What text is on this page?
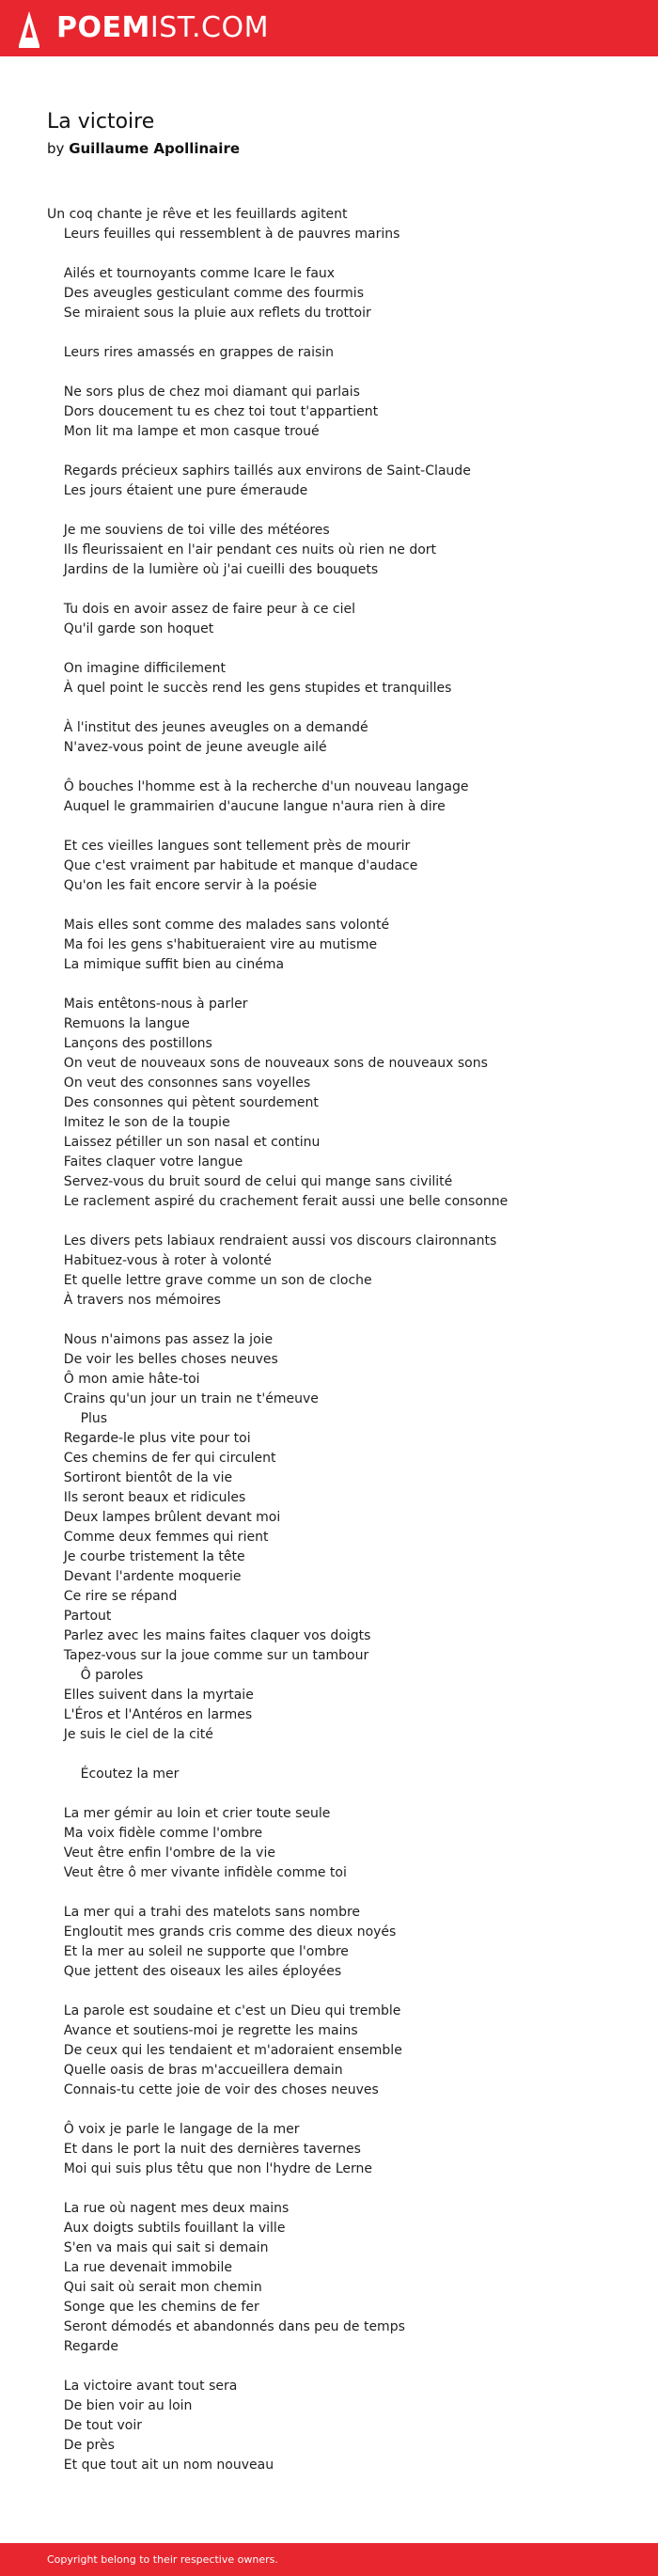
POEMIST.COM
La victoire
by Guillaume Apollinaire
Un coq chante je rêve et les feuillards agitent
Leurs feuilles qui ressemblent à de pauvres marins
Ailés et tournoyants comme Icare le faux
Des aveugles gesticulant comme des fourmis
Se miraient sous la pluie aux reflets du trottoir
Leurs rires amassés en grappes de raisin
Ne sors plus de chez moi diamant qui parlais
Dors doucement tu es chez toi tout t'appartient
Mon lit ma lampe et mon casque troué
Regards précieux saphirs taillés aux environs de Saint-Claude
Les jours étaient une pure émeraude
Je me souviens de toi ville des météores
Ils fleurissaient en l'air pendant ces nuits où rien ne dort
Jardins de la lumière où j'ai cueilli des bouquets
Tu dois en avoir assez de faire peur à ce ciel
Qu'il garde son hoquet
On imagine difficilement
À quel point le succès rend les gens stupides et tranquilles
À l'institut des jeunes aveugles on a demandé
N'avez-vous point de jeune aveugle ailé
Ô bouches l'homme est à la recherche d'un nouveau langage
Auquel le grammairien d'aucune langue n'aura rien à dire
Et ces vieilles langues sont tellement près de mourir
Que c'est vraiment par habitude et manque d'audace
Qu'on les fait encore servir à la poésie
Mais elles sont comme des malades sans volonté
Ma foi les gens s'habitueraient vire au mutisme
La mimique suffit bien au cinéma
Mais entêtons-nous à parler
Remuons la langue
Lançons des postillons
On veut de nouveaux sons de nouveaux sons de nouveaux sons
On veut des consonnes sans voyelles
Des consonnes qui pètent sourdement
Imitez le son de la toupie
Laissez pétiller un son nasal et continu
Faites claquer votre langue
Servez-vous du bruit sourd de celui qui mange sans civilité
Le raclement aspiré du crachement ferait aussi une belle consonne
Les divers pets labiaux rendraient aussi vos discours claironnants
Habituez-vous à roter à volonté
Et quelle lettre grave comme un son de cloche
À travers nos mémoires
Nous n'aimons pas assez la joie
De voir les belles choses neuves
Ô mon amie hâte-toi
Crains qu'un jour un train ne t'émeuve
Plus
Regarde-le plus vite pour toi
Ces chemins de fer qui circulent
Sortiront bientôt de la vie
Ils seront beaux et ridicules
Deux lampes brûlent devant moi
Comme deux femmes qui rient
Je courbe tristement la tête
Devant l'ardente moquerie
Ce rire se répand
Partout
Parlez avec les mains faites claquer vos doigts
Tapez-vous sur la joue comme sur un tambour
Ô paroles
Elles suivent dans la myrtaie
L'Éros et l'Antéros en larmes
Je suis le ciel de la cité
Écoutez la mer
La mer gémir au loin et crier toute seule
Ma voix fidèle comme l'ombre
Veut être enfin l'ombre de la vie
Veut être ô mer vivante infidèle comme toi
La mer qui a trahi des matelots sans nombre
Engloutit mes grands cris comme des dieux noyés
Et la mer au soleil ne supporte que l'ombre
Que jettent des oiseaux les ailes éployées
La parole est soudaine et c'est un Dieu qui tremble
Avance et soutiens-moi je regrette les mains
De ceux qui les tendaient et m'adoraient ensemble
Quelle oasis de bras m'accueillera demain
Connais-tu cette joie de voir des choses neuves
Ô voix je parle le langage de la mer
Et dans le port la nuit des dernières tavernes
Moi qui suis plus têtu que non l'hydre de Lerne
La rue où nagent mes deux mains
Aux doigts subtils fouillant la ville
S'en va mais qui sait si demain
La rue devenait immobile
Qui sait où serait mon chemin
Songe que les chemins de fer
Seront démodés et abandonnés dans peu de temps
Regarde
La victoire avant tout sera
De bien voir au loin
De tout voir
De près
Et que tout ait un nom nouveau
Copyright belong to their respective owners.
